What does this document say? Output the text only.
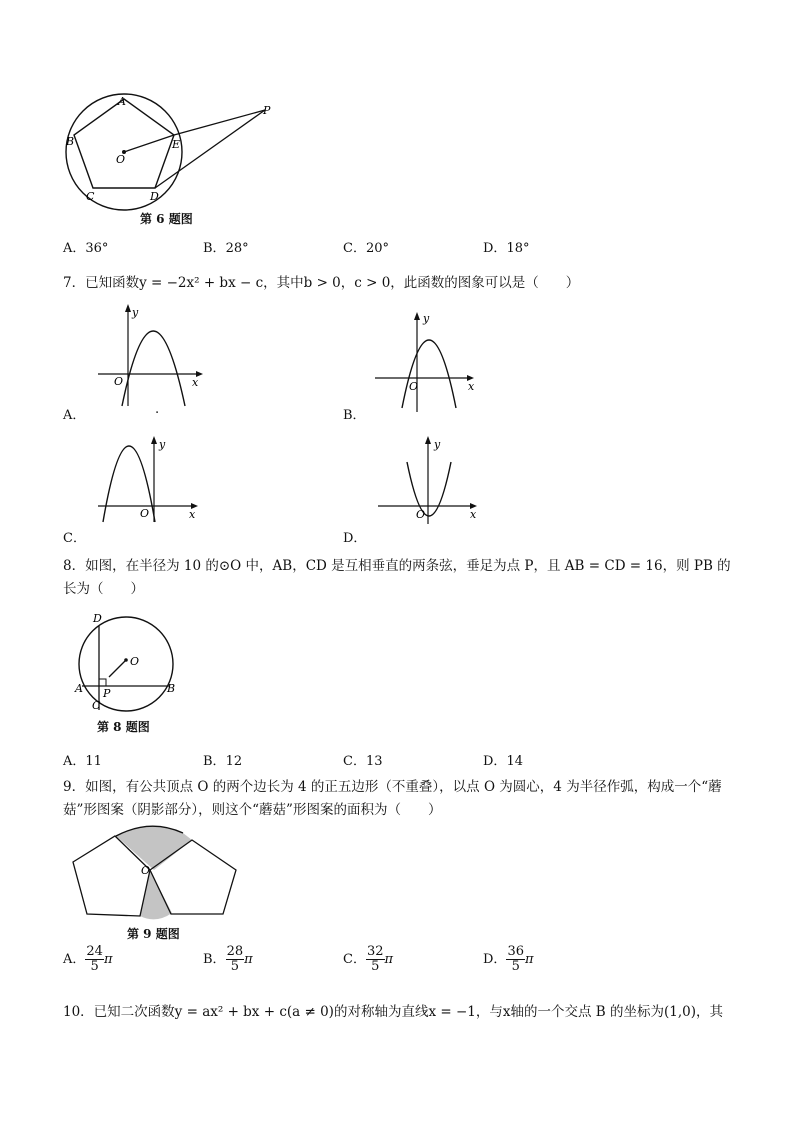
A
B
C	D
E
O
P
第 6 题图
A．36°	B．28°	C．20°	D．18°
7．已知函数y = −2x² + bx − c，其中b > 0，c > 0，此函数的图象可以是（　　）
y
x
O
A．	.
y
x
O
B．
y
x
O
C．
y
x
O
D．
8．如图，在半径为 10 的⊙O 中，AB，CD 是互相垂直的两条弦，垂足为点 P，且 AB = CD = 16，则 PB 的
长为（　　）
D
O
A P	B
C
第 8 题图
A．11	B．12	C．13	D．14
9．如图，有公共顶点 O 的两个边长为 4 的正五边形（不重叠），以点 O 为圆心，4 为半径作弧，构成一个“蘑
菇”形图案（阴影部分），则这个“蘑菇”形图案的面积为（　　）
O
第 9 题图
A． $\frac{24}{5}$ π	B． $\frac{28}{5}$ π	C． $\frac{32}{5}$ π	D． $\frac{36}{5}$ π
10．已知二次函数y = ax² + bx + c(a ≠ 0)的对称轴为直线x = −1，与x轴的一个交点 B 的坐标为(1,0)，其
